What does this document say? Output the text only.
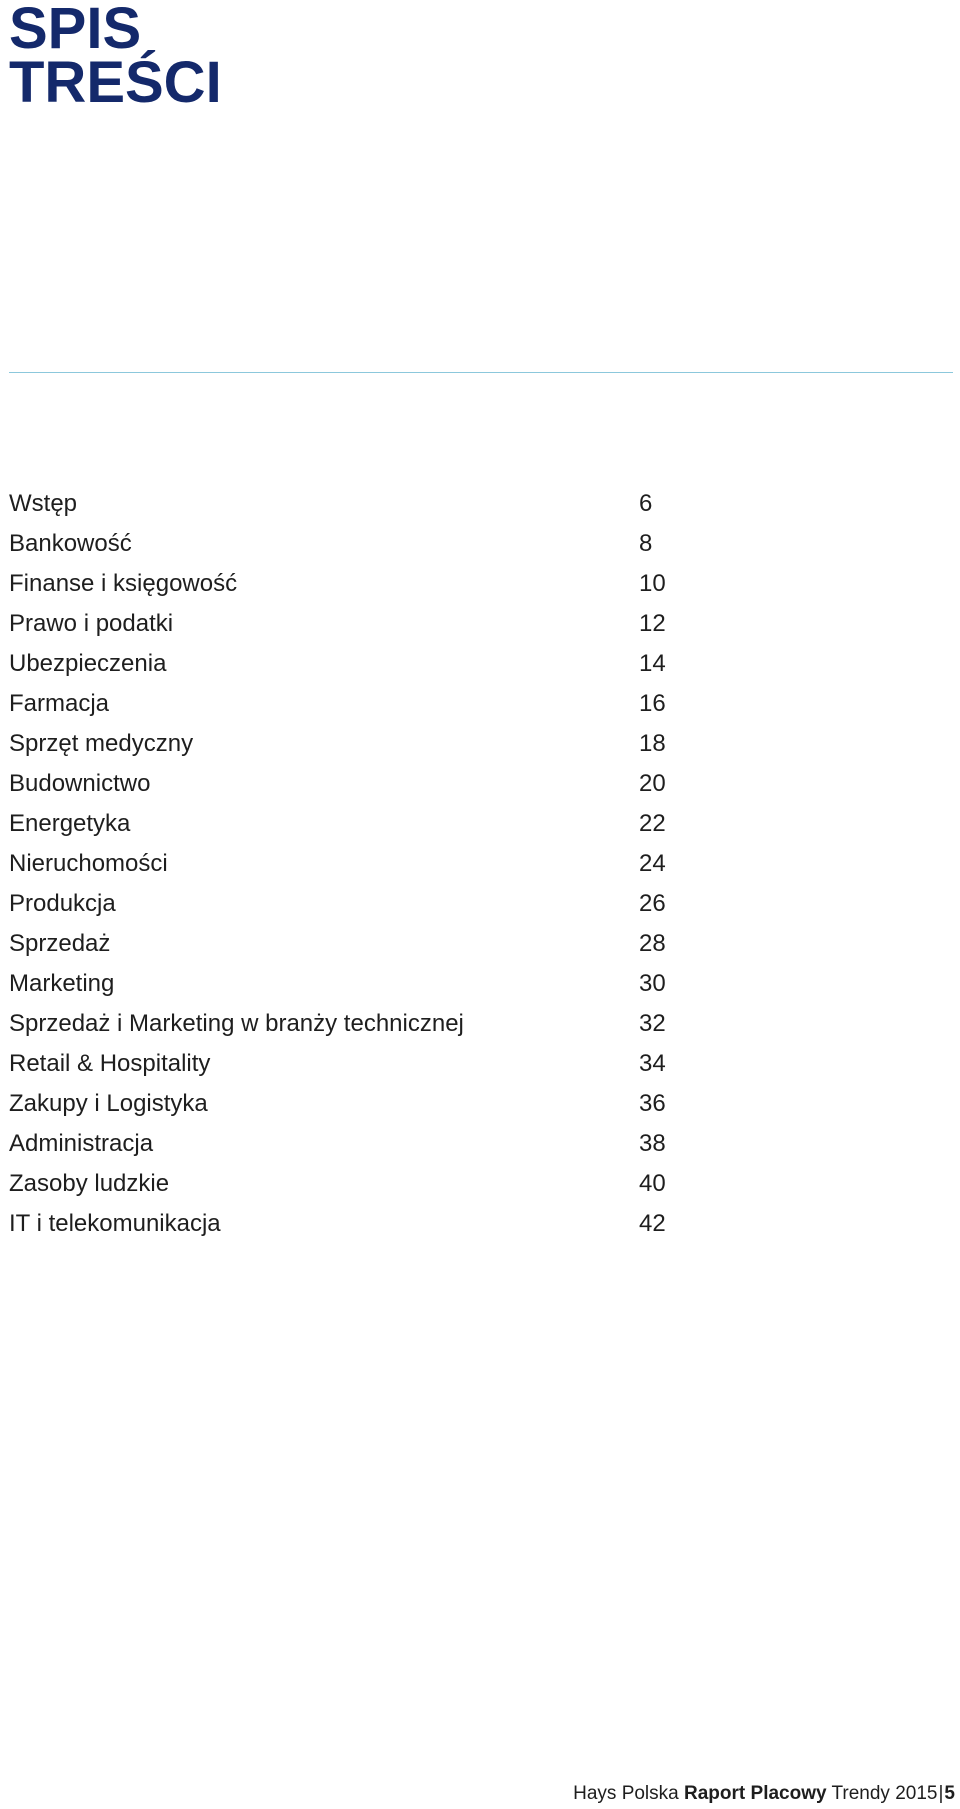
SPIS
TREŚCI
Wstęp	6
Bankowość	8
Finanse i księgowość	10
Prawo i podatki	12
Ubezpieczenia	14
Farmacja	16
Sprzęt medyczny	18
Budownictwo	20
Energetyka	22
Nieruchomości	24
Produkcja	26
Sprzedaż	28
Marketing	30
Sprzedaż i Marketing w branży technicznej	32
Retail & Hospitality	34
Zakupy i Logistyka	36
Administracja	38
Zasoby ludzkie	40
IT i telekomunikacja	42
Hays Polska Raport Placowy Trendy 2015|5
